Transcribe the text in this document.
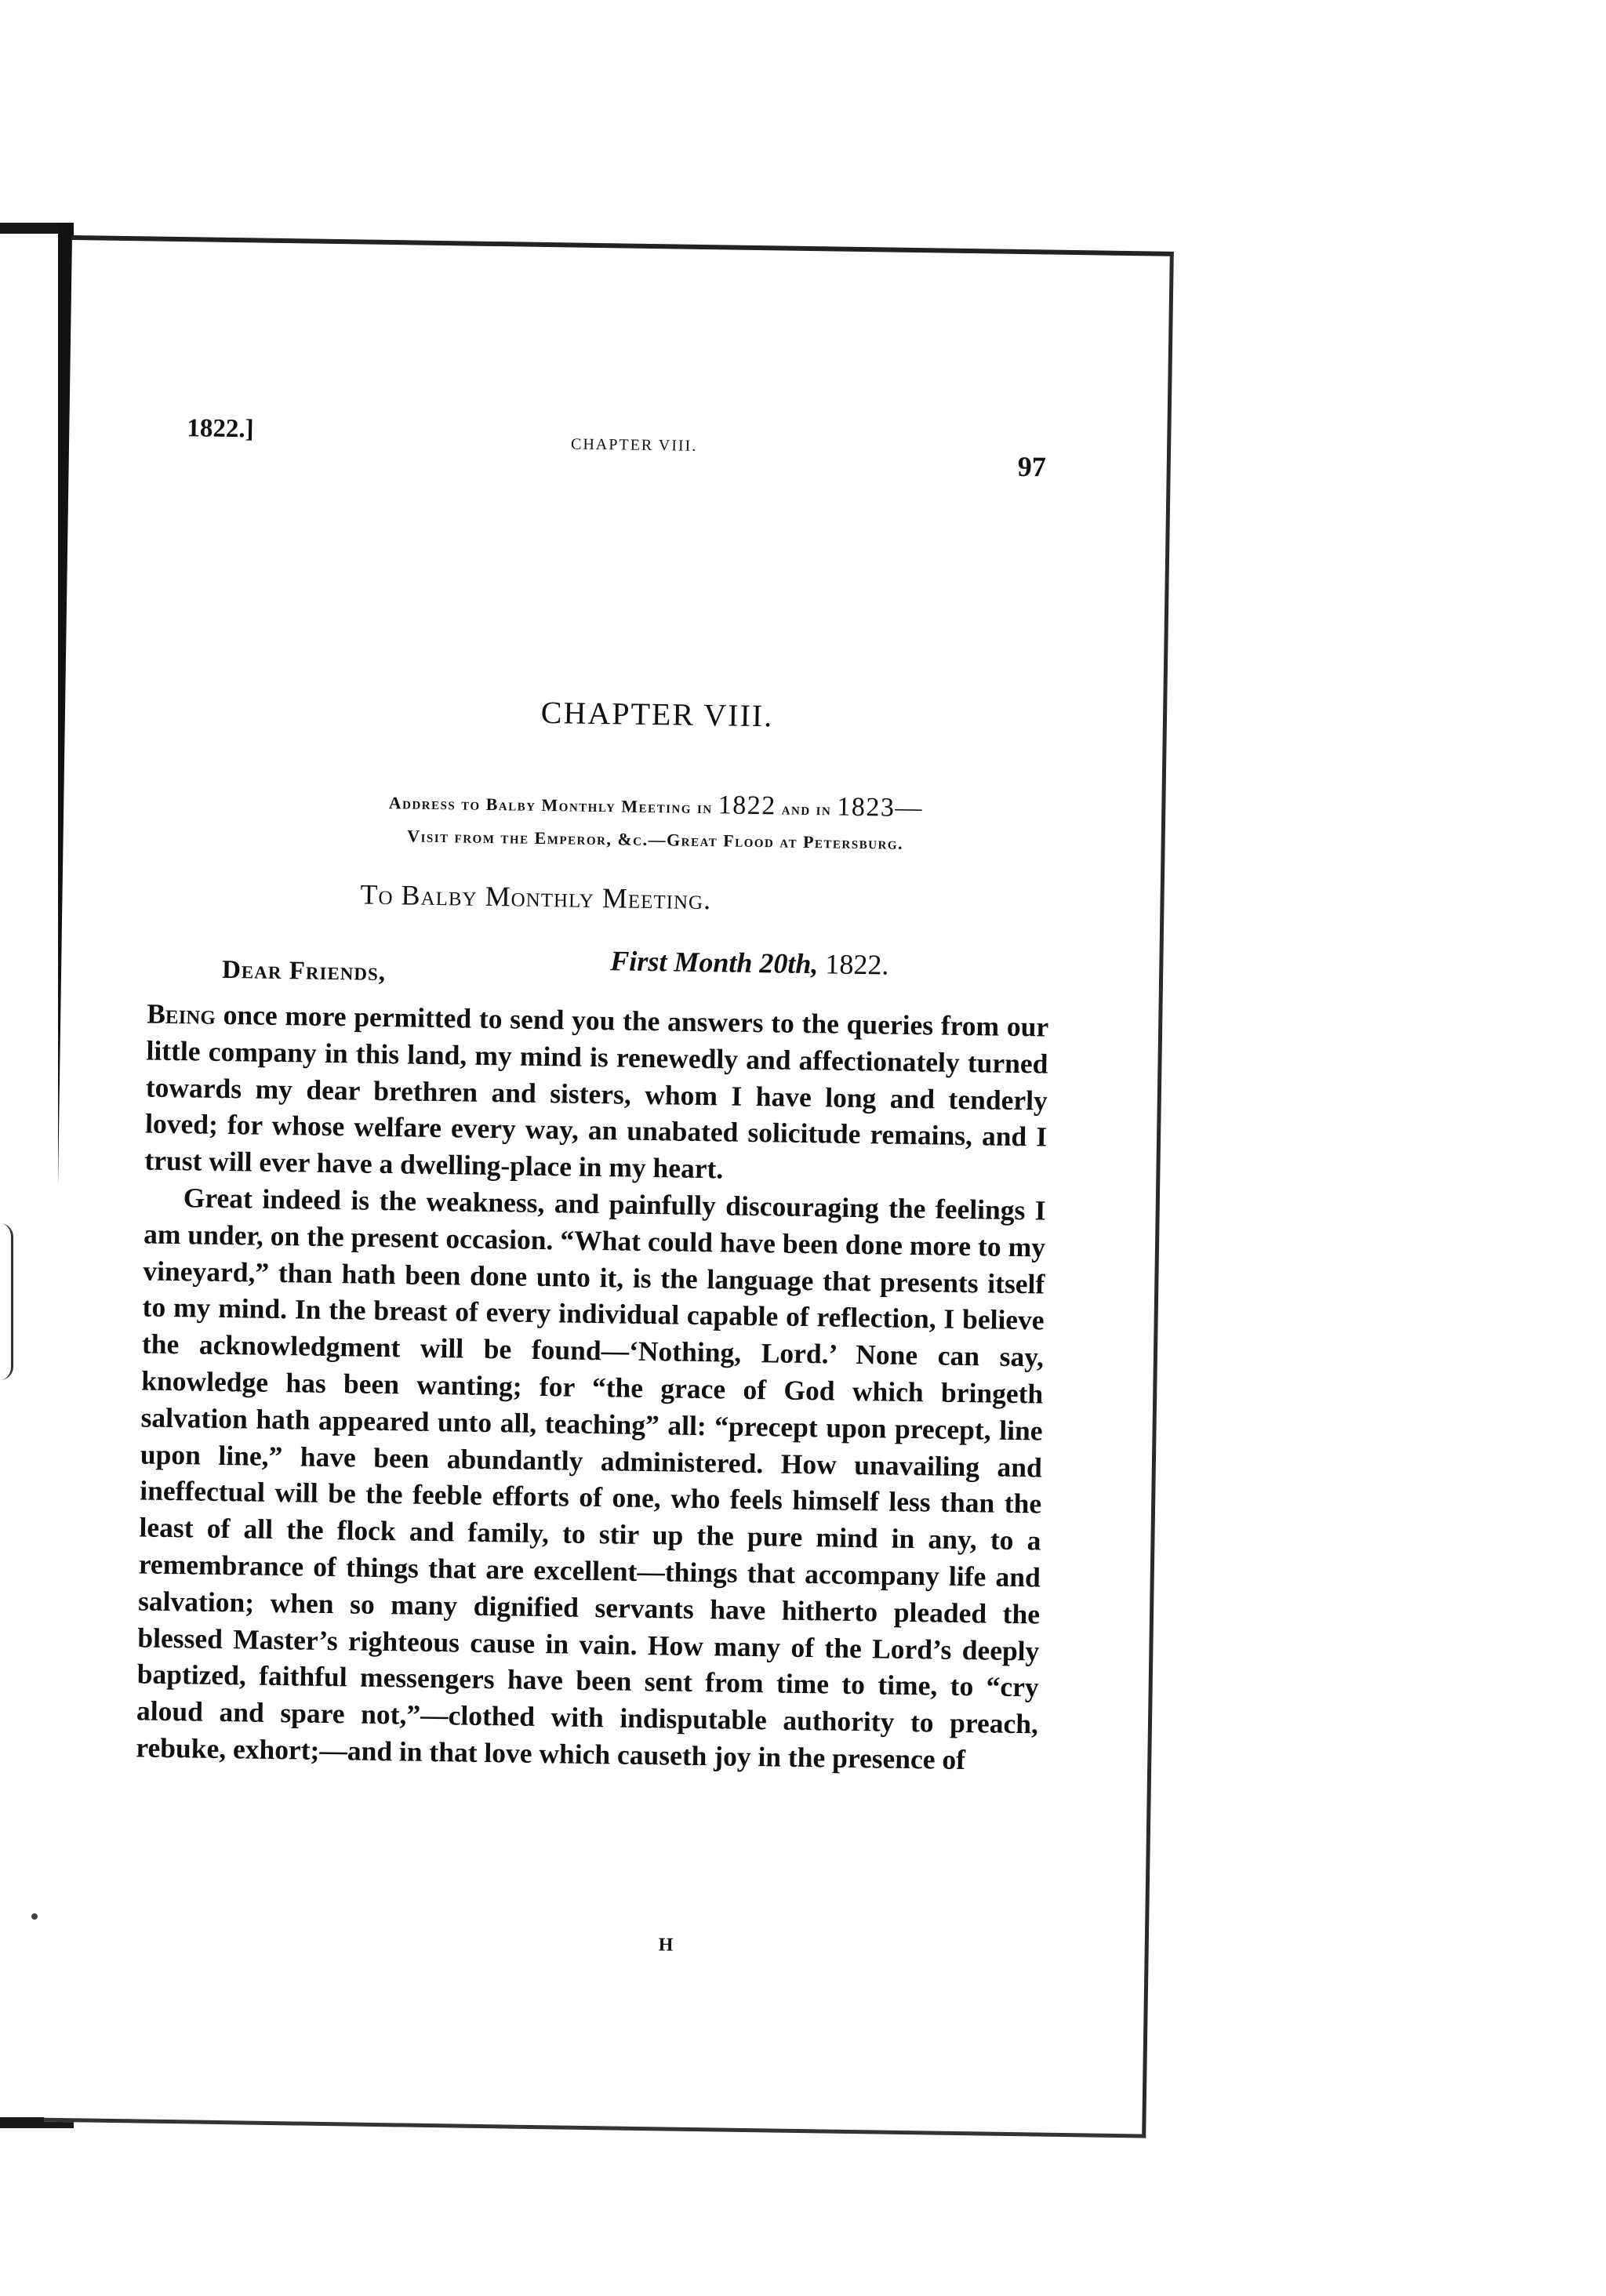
1822.]
CHAPTER VIII.
97
CHAPTER VIII.
Address to Balby Monthly Meeting in 1822 and in 1823—
Visit from the Emperor, &c.—Great Flood at Petersburg.
To Balby Monthly Meeting.
First Month 20th, 1822.
Dear Friends,

Being once more permitted to send you the answers to the queries from our little company in this land, my mind is renewedly and affectionately turned towards my dear brethren and sisters, whom I have long and tenderly loved; for whose welfare every way, an unabated solicitude remains, and I trust will ever have a dwelling-place in my heart.

Great indeed is the weakness, and painfully discouraging the feelings I am under, on the present occasion. “What could have been done more to my vineyard,” than hath been done unto it, is the language that presents itself to my mind. In the breast of every individual capable of reflection, I believe the acknowledgment will be found—‘Nothing, Lord.’ None can say, knowledge has been wanting; for “the grace of God which bringeth salvation hath appeared unto all, teaching” all: “precept upon precept, line upon line,” have been abundantly administered. How unavailing and ineffectual will be the feeble efforts of one, who feels himself less than the least of all the flock and family, to stir up the pure mind in any, to a remembrance of things that are excellent—things that accompany life and salvation; when so many dignified servants have hitherto pleaded the blessed Master’s righteous cause in vain. How many of the Lord’s deeply baptized, faithful messengers have been sent from time to time, to “cry aloud and spare not,”—clothed with indisputable authority to preach, rebuke, exhort;—and in that love which causeth joy in the presence of

H
